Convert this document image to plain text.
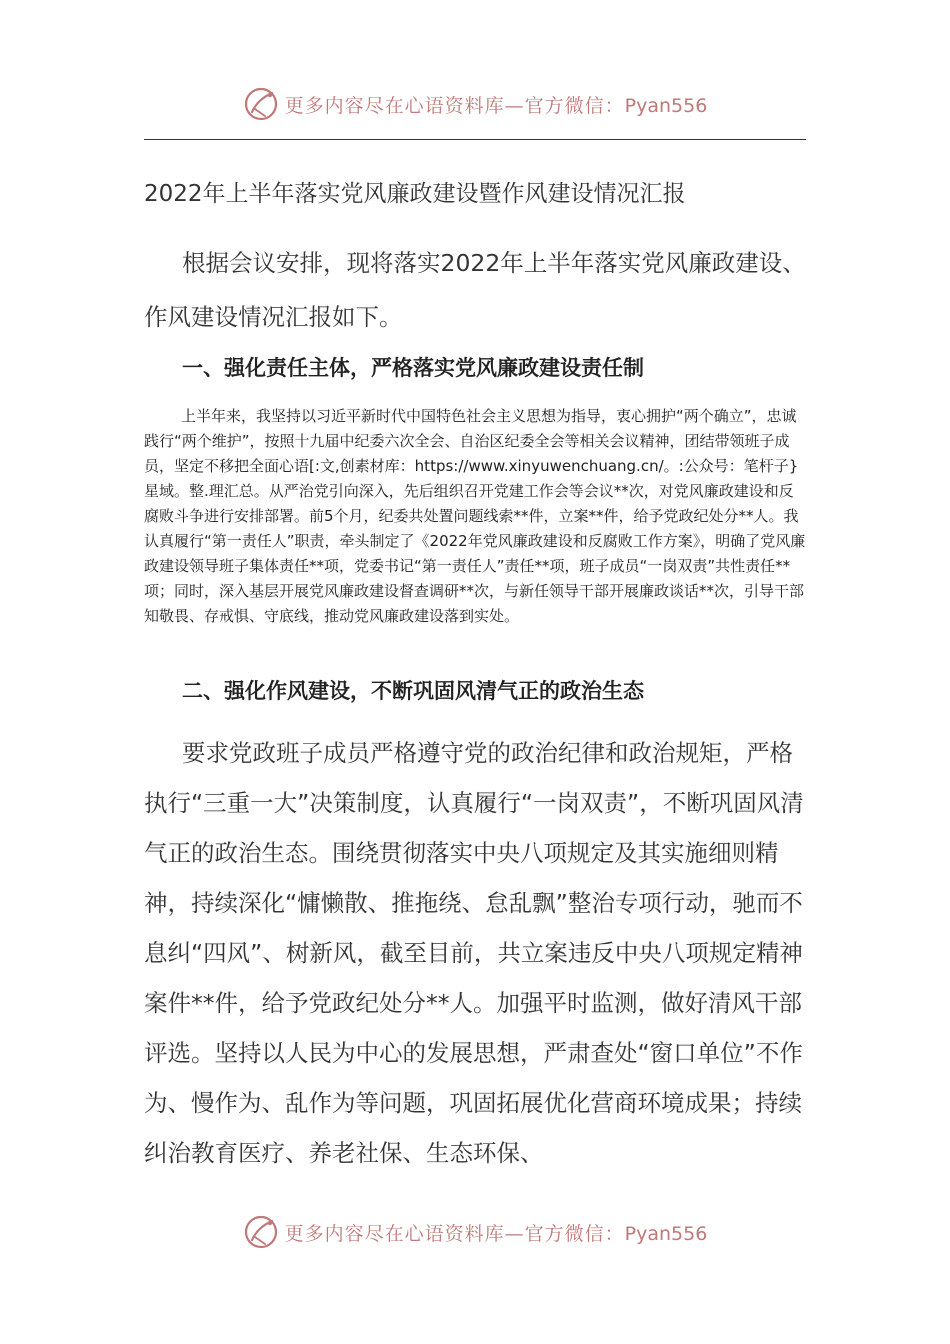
更多内容尽在心语资料库—官方微信：Pyan556
2022年上半年落实党风廉政建设暨作风建设情况汇报

根据会议安排，现将落实2022年上半年落实党风廉政建设、作风建设情况汇报如下。

一、强化责任主体，严格落实党风廉政建设责任制

上半年来，我坚持以习近平新时代中国特色社会主义思想为指导，衷心拥护“两个确立”，忠诚践行“两个维护”，按照十九届中纪委六次全会、自治区纪委全会等相关会议精神，团结带领班子成员，坚定不移把全面心语[:文,创素材库：https://www.xinyuwenchuang.cn/。:公众号：笔杆子}星域。整.理汇总。从严治党引向深入，先后组织召开党建工作会等会议**次，对党风廉政建设和反腐败斗争进行安排部署。前5个月，纪委共处置问题线索**件，立案**件，给予党政纪处分**人。我认真履行“第一责任人”职责，牵头制定了《2022年党风廉政建设和反腐败工作方案》，明确了党风廉政建设领导班子集体责任**项，党委书记“第一责任人”责任**项，班子成员“一岗双责”共性责任**项；同时，深入基层开展党风廉政建设督查调研**次，与新任领导干部开展廉政谈话**次，引导干部知敬畏、存戒惧、守底线，推动党风廉政建设落到实处。

二、强化作风建设，不断巩固风清气正的政治生态

要求党政班子成员严格遵守党的政治纪律和政治规矩，严格执行“三重一大”决策制度，认真履行“一岗双责”，不断巩固风清气正的政治生态。围绕贯彻落实中央八项规定及其实施细则精神，持续深化“慵懒散、推拖绕、怠乱飘”整治专项行动，驰而不息纠“四风”、树新风，截至目前，共立案违反中央八项规定精神案件**件，给予党政纪处分**人。加强平时监测，做好清风干部评选。坚持以人民为中心的发展思想，严肃查处“窗口单位”不作为、慢作为、乱作为等问题，巩固拓展优化营商环境成果；持续纠治教育医疗、养老社保、生态环保、

更多内容尽在心语资料库—官方微信：Pyan556
